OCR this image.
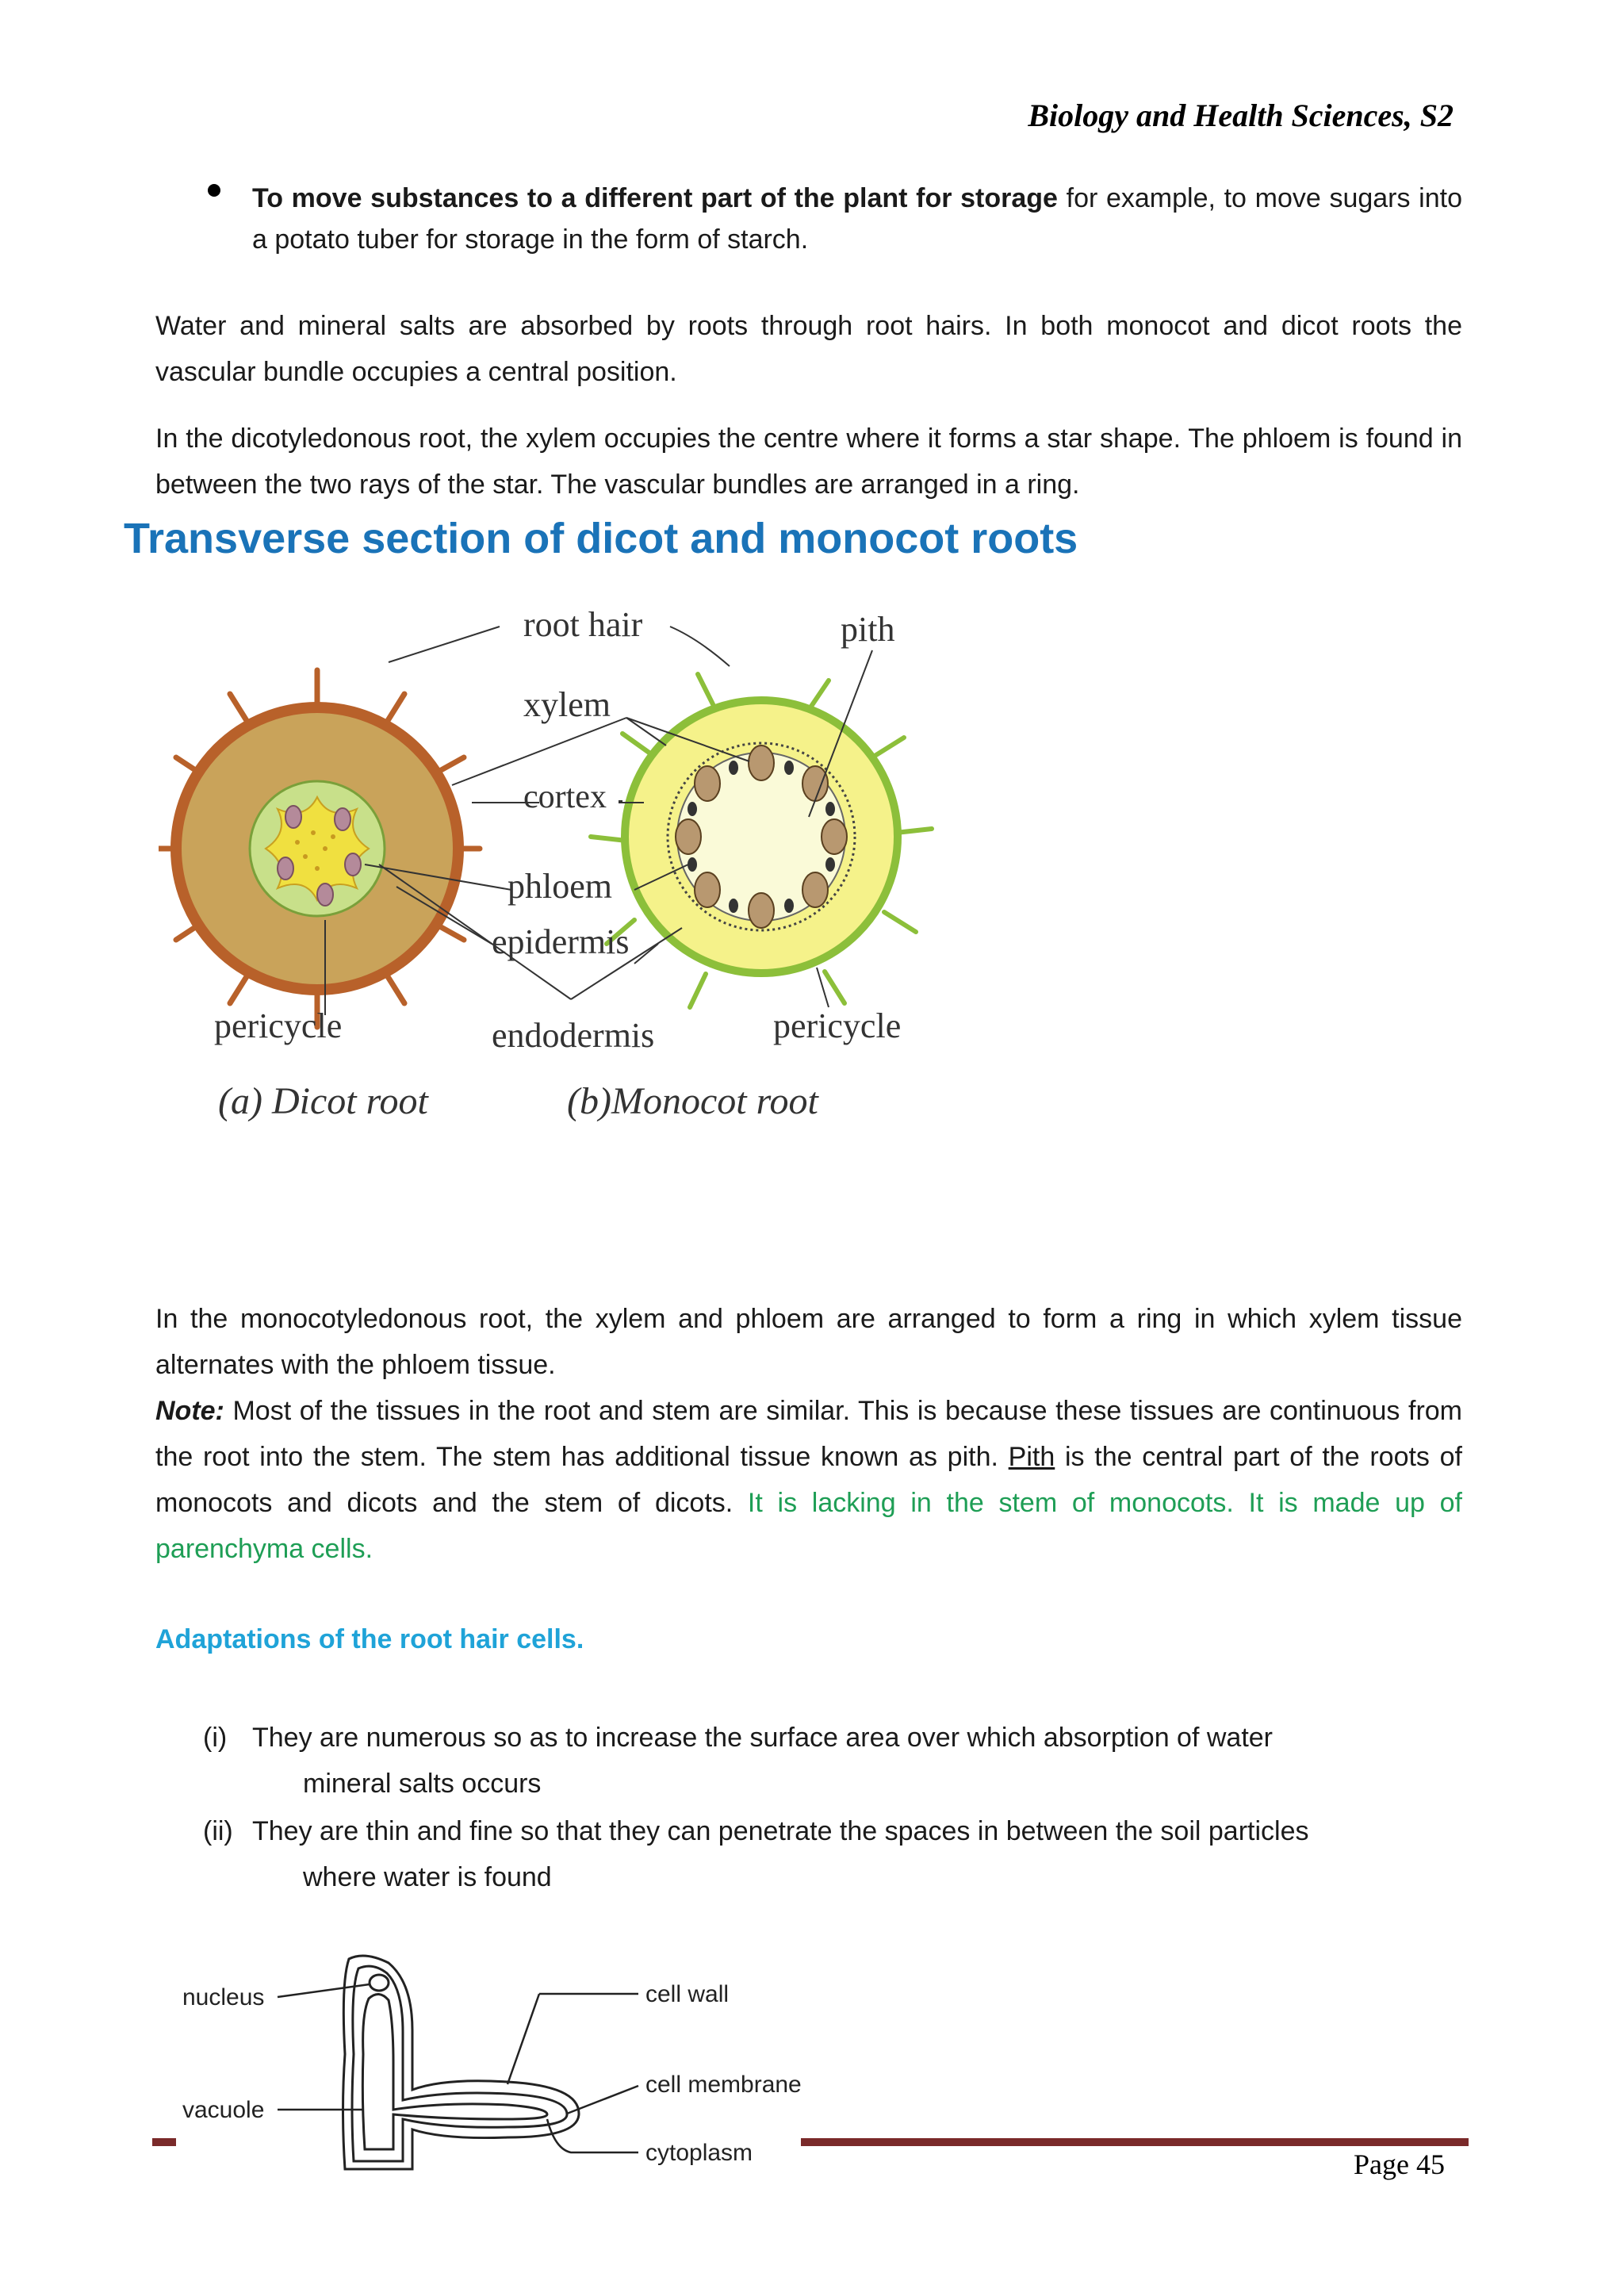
Biology and Health Sciences, S2
To move substances to a different part of the plant for storage for example, to move sugars into a potato tuber for storage in the form of starch.
Water and mineral salts are absorbed by roots through root hairs. In both monocot and dicot roots the vascular bundle occupies a central position.
In the dicotyledonous root, the xylem occupies the centre where it forms a star shape. The phloem is found in between the two rays of the star. The vascular bundles are arranged in a ring.
Transverse section of dicot and monocot roots
root hair	pith
xylem
cortex
phloem
epidermis
pericycle	endodermis	pericycle
(a) Dicot root	(b)Monocot root
In the monocotyledonous root, the xylem and phloem are arranged to form a ring in which xylem tissue alternates with the phloem tissue.
Note: Most of the tissues in the root and stem are similar. This is because these tissues are continuous from the root into the stem. The stem has additional tissue known as pith. Pith is the central part of the roots of monocots and dicots and the stem of dicots. It is lacking in the stem of monocots. It is made up of parenchyma cells.
Adaptations of the root hair cells.
(i) They are numerous so as to increase the surface area over which absorption of water
mineral salts occurs
(ii) They are thin and fine so that they can penetrate the spaces in between the soil particles
where water is found
nucleus
vacuole
cell wall
cell membrane
cytoplasm	Page 45
